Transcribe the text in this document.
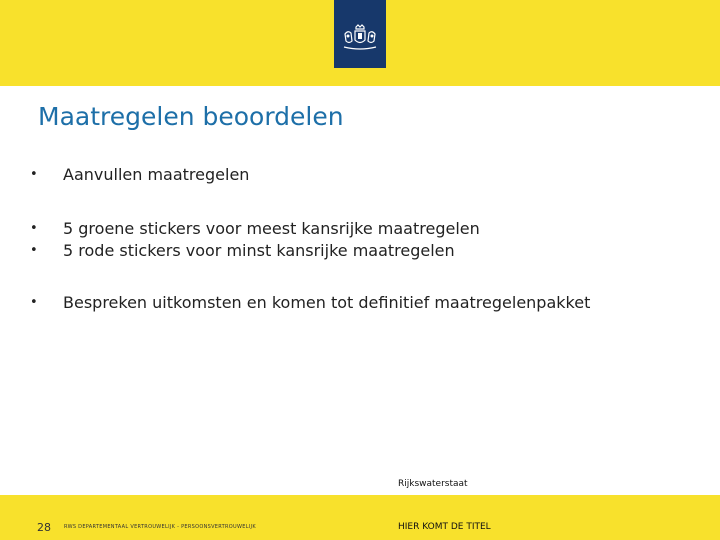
Maatregelen beoordelen
• Aanvullen maatregelen
• 5 groene stickers voor meest kansrijke maatregelen
• 5 rode stickers voor minst kansrijke maatregelen
• Bespreken uitkomsten en komen tot definitief maatregelenpakket
28	RWS DEPARTEMENTAAL VERTROUWELIJK - PERSOONSVERTROUWELIJK
Rijkswaterstaat
HIER KOMT DE TITEL
